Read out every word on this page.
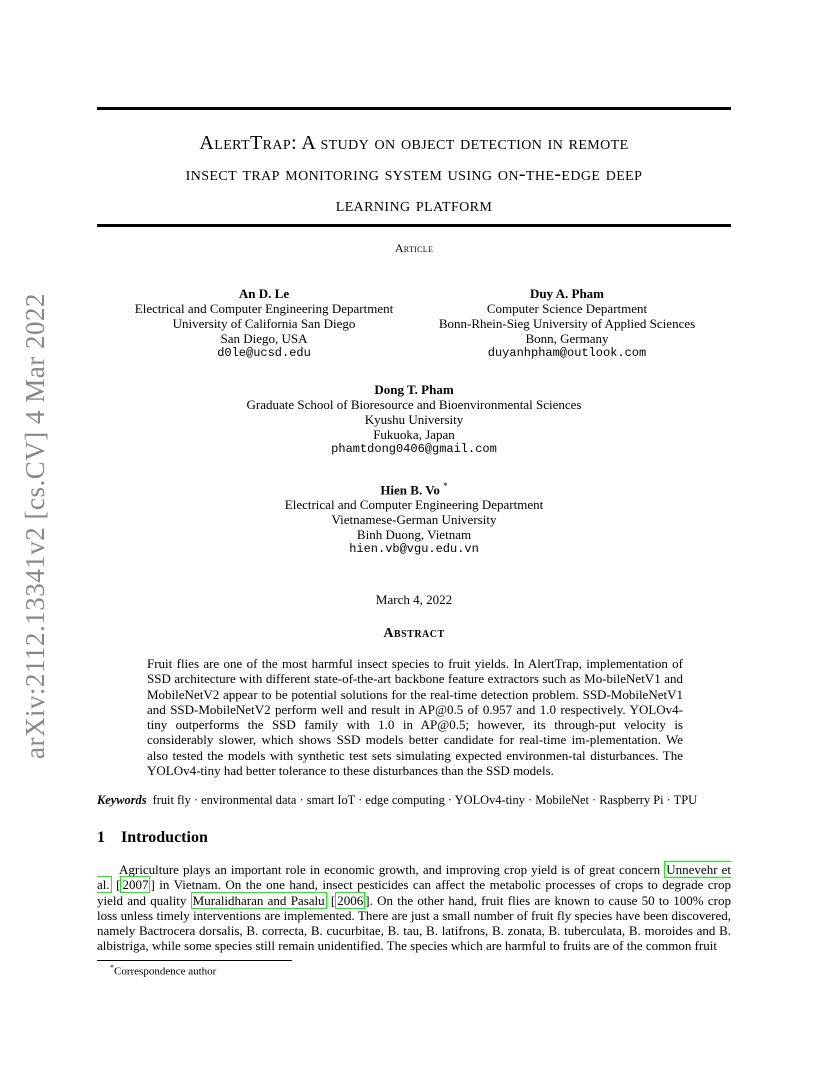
arXiv:2112.13341v2 [cs.CV] 4 Mar 2022
AlertTrap: A study on object detection in remote
insect trap monitoring system using on-the-edge deep
learning platform
Article
An D. Le
Electrical and Computer Engineering Department
University of California San Diego
San Diego, USA
d0le@ucsd.edu
Duy A. Pham
Computer Science Department
Bonn-Rhein-Sieg University of Applied Sciences
Bonn, Germany
duyanhpham@outlook.com
Dong T. Pham
Graduate School of Bioresource and Bioenvironmental Sciences
Kyushu University
Fukuoka, Japan
phamtdong0406@gmail.com
Hien B. Vo *
Electrical and Computer Engineering Department
Vietnamese-German University
Binh Duong, Vietnam
hien.vb@vgu.edu.vn
March 4, 2022
Abstract
Fruit flies are one of the most harmful insect species to fruit yields. In AlertTrap, implementation of SSD architecture with different state-of-the-art backbone feature extractors such as Mo-bileNetV1 and MobileNetV2 appear to be potential solutions for the real-time detection problem. SSD-MobileNetV1 and SSD-MobileNetV2 perform well and result in AP@0.5 of 0.957 and 1.0 respectively. YOLOv4-tiny outperforms the SSD family with 1.0 in AP@0.5; however, its through-put velocity is considerably slower, which shows SSD models better candidate for real-time im-plementation. We also tested the models with synthetic test sets simulating expected environmen-tal disturbances. The YOLOv4-tiny had better tolerance to these disturbances than the SSD models.
Keywords fruit fly · environmental data · smart IoT · edge computing · YOLOv4-tiny · MobileNet · Raspberry Pi · TPU
1 Introduction
Agriculture plays an important role in economic growth, and improving crop yield is of great concern Unnevehr et al. [ 2007 ] in Vietnam. On the one hand, insect pesticides can affect the metabolic processes of crops to degrade crop yield and quality Muralidharan and Pasalu [ 2006 ]. On the other hand, fruit flies are known to cause 50 to 100% crop loss unless timely interventions are implemented. There are just a small number of fruit fly species have been discovered, namely Bactrocera dorsalis, B. correcta, B. cucurbitae, B. tau, B. latifrons, B. zonata, B. tuberculata, B. moroides and B. albistriga, while some species still remain unidentified. The species which are harmful to fruits are of the common fruit
*Correspondence author
